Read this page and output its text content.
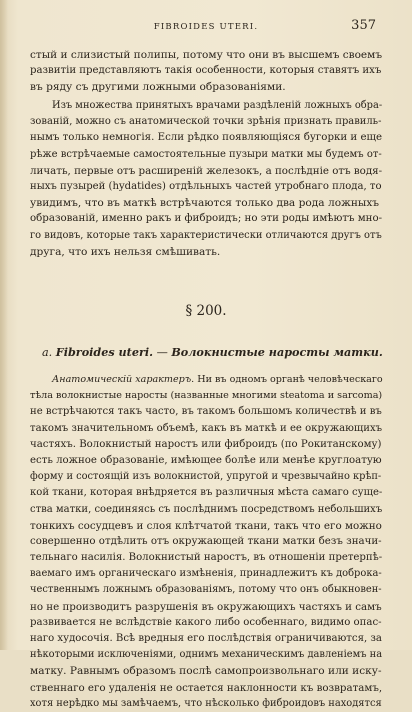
FIBROIDES UTERI.	357
стый и слизистый полипы, потому что они въ высшемъ своемъ
развитіи представляютъ такія особенности, которыя ставятъ ихъ
въ ряду съ другими ложными образованіями.
Изъ множества принятыхъ врачами раздѣленій ложныхъ обра-
зованій, можно съ анатомической точки зрѣнія признать правиль-
нымъ только немногія. Если рѣдко появляющіяся бугорки и еще
рѣже встрѣчаемые самостоятельные пузыри матки мы будемъ от-
личать, первые отъ расширеній железокъ, а послѣдніе отъ водя-
ныхъ пузырей (hydatides) отдѣльныхъ частей утробнаго плода, то
увидимъ, что въ маткѣ встрѣчаются только два рода ложныхъ
образованій, именно ракъ и фиброидъ; но эти роды имѣютъ мно-
го видовъ, которые такъ характеристически отличаются другъ отъ
друга, что ихъ нельзя смѣшивать.
§ 200.
a. Fibroides uteri. — Волокнистые наросты матки.
Анатомическій характеръ. Ни въ одномъ органѣ человѣческаго
тѣла волокнистые наросты (названные многими steatoma и sarcoma)
не встрѣчаются такъ часто, въ такомъ большомъ количествѣ и въ
такомъ значительномъ объемѣ, какъ въ маткѣ и ее окружающихъ
частяхъ. Волокнистый наростъ или фиброидъ (по Рокитанскому)
есть ложное образованіе, имѣющее болѣе или менѣе круглоатую
форму и состоящій изъ волокнистой, упругой и чрезвычайно крѣп-
кой ткани, которая внѣдряется въ различныя мѣста самаго суще-
ства матки, соединяясь съ послѣднимъ посредствомъ небольшихъ
тонкихъ сосудцевъ и слоя клѣтчатой ткани, такъ что его можно
совершенно отдѣлить отъ окружающей ткани матки безъ значи-
тельнаго насилія. Волокнистый наростъ, въ отношеніи претерпѣ-
ваемаго имъ органическаго измѣненія, принадлежитъ къ доброка-
чественнымъ ложнымъ образованіямъ, потому что онъ обыкновен-
но не производитъ разрушенія въ окружающихъ частяхъ и самъ
развивается не вслѣдствіе какого либо особеннаго, видимо опас-
наго худосочія. Всѣ вредныя его послѣдствія ограничиваются, за
нѣкоторыми исключеніями, однимъ механическимъ давленіемъ на
матку. Равнымъ образомъ послѣ самопроизвольнаго или иску-
ственнаго его удаленія не остается наклонности къ возвратамъ,
хотя нерѣдко мы замѣчаемъ, что нѣсколько фиброидовъ находятся
